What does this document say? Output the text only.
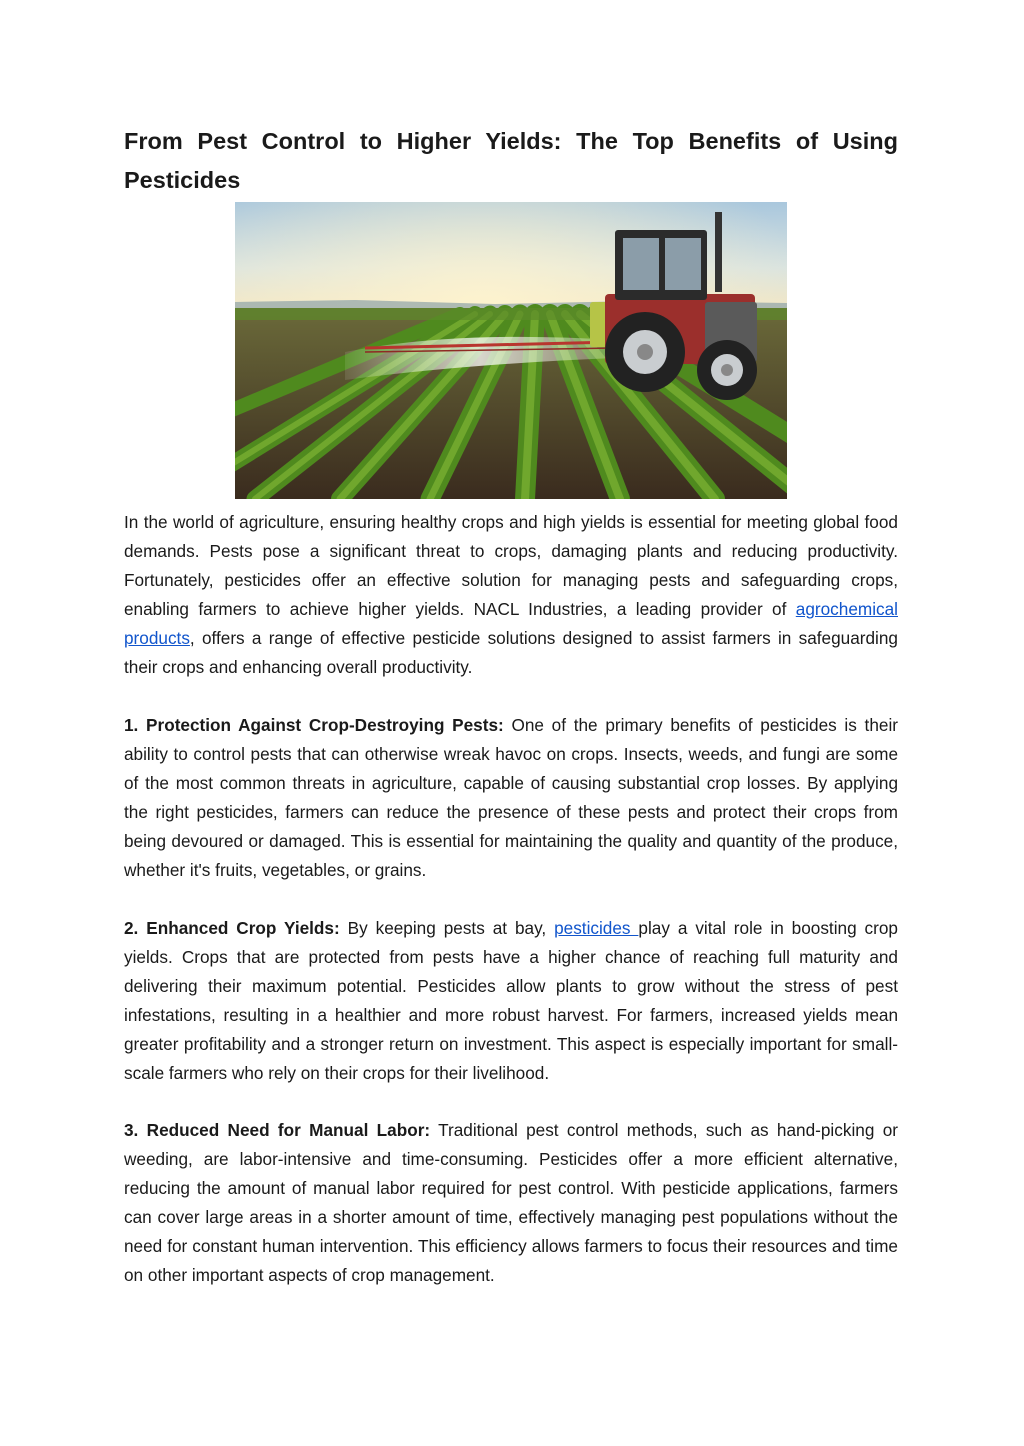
From Pest Control to Higher Yields: The Top Benefits of Using Pesticides

In the world of agriculture, ensuring healthy crops and high yields is essential for meeting global food demands. Pests pose a significant threat to crops, damaging plants and reducing productivity. Fortunately, pesticides offer an effective solution for managing pests and safeguarding crops, enabling farmers to achieve higher yields. NACL Industries, a leading provider of agrochemical products, offers a range of effective pesticide solutions designed to assist farmers in safeguarding their crops and enhancing overall productivity.

1. Protection Against Crop-Destroying Pests: One of the primary benefits of pesticides is their ability to control pests that can otherwise wreak havoc on crops. Insects, weeds, and fungi are some of the most common threats in agriculture, capable of causing substantial crop losses. By applying the right pesticides, farmers can reduce the presence of these pests and protect their crops from being devoured or damaged. This is essential for maintaining the quality and quantity of the produce, whether it's fruits, vegetables, or grains.

2. Enhanced Crop Yields: By keeping pests at bay, pesticides play a vital role in boosting crop yields. Crops that are protected from pests have a higher chance of reaching full maturity and delivering their maximum potential. Pesticides allow plants to grow without the stress of pest infestations, resulting in a healthier and more robust harvest. For farmers, increased yields mean greater profitability and a stronger return on investment. This aspect is especially important for small-scale farmers who rely on their crops for their livelihood.

3. Reduced Need for Manual Labor: Traditional pest control methods, such as hand-picking or weeding, are labor-intensive and time-consuming. Pesticides offer a more efficient alternative, reducing the amount of manual labor required for pest control. With pesticide applications, farmers can cover large areas in a shorter amount of time, effectively managing pest populations without the need for constant human intervention. This efficiency allows farmers to focus their resources and time on other important aspects of crop management.
